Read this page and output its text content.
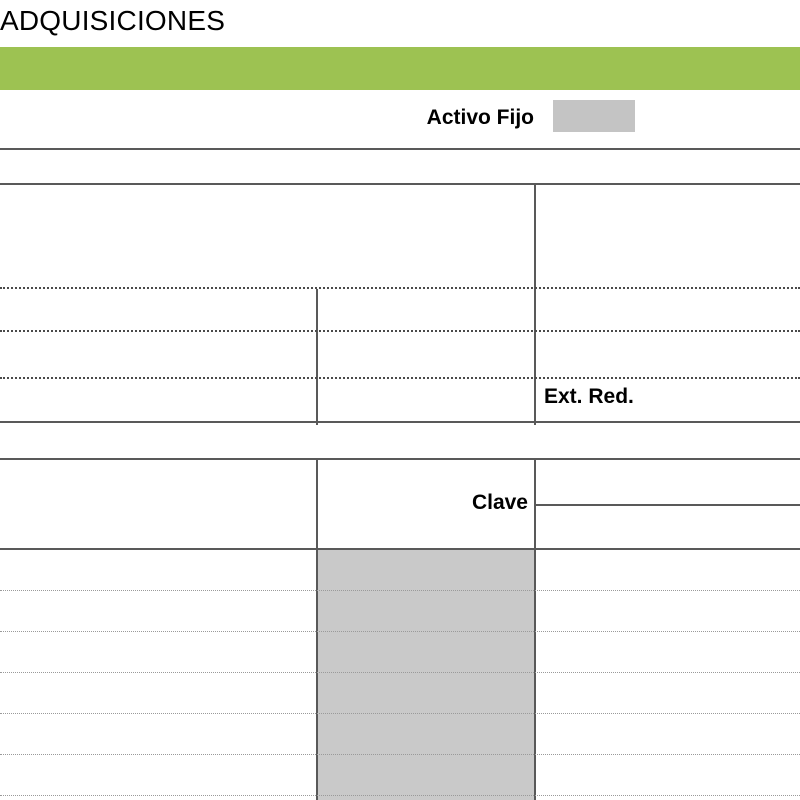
ADQUISICIONES
Activo Fijo
Ext. Red.
Clave
